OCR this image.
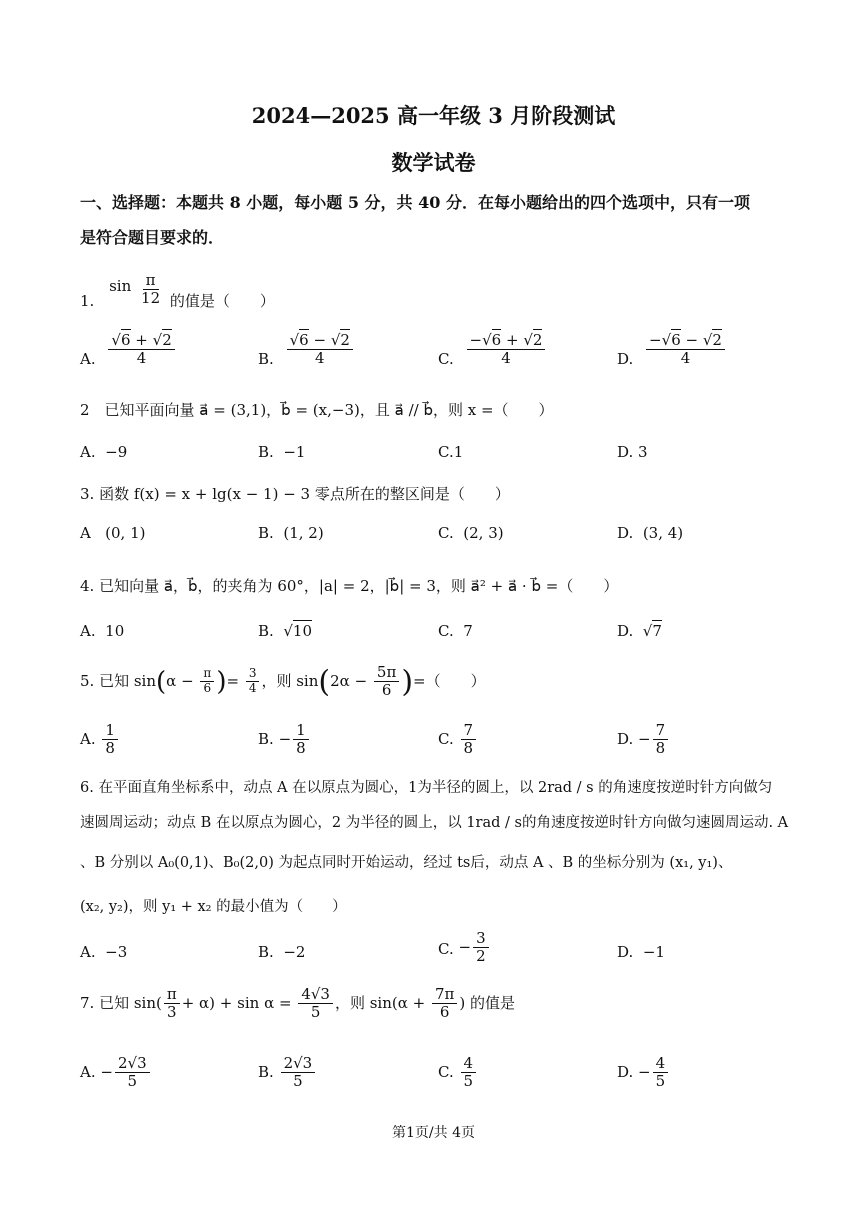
2024—2025 高一年级 3 月阶段测试
数学试卷
一、选择题：本题共 8 小题，每小题 5 分，共 40 分．在每小题给出的四个选项中，只有一项
是符合题目要求的．
1. $\sin \frac{\pi}{12}$ 的值是（　　）
A. $\frac{√6 + √2}{4}$	B. $\frac{√6 - √2}{4}$	C. $\frac{-√6 + √2}{4}$	D. $\frac{-√6 - √2}{4}$
2　已知平面向量 a⃗ = (3,1)，b⃗ = (x,−3)，且 a⃗ // b⃗，则 x =（　　）
A. −9	B. −1	C.1	D. 3
3. 函数 f(x) = x + lg(x − 1) − 3 零点所在的整区间是（　　）
A (0, 1)	B. (1, 2)	C. (2, 3)	D. (3, 4)
4. 已知向量 a⃗，b⃗，的夹角为 60°，|a| = 2，|b⃗| = 3，则 a⃗² + a⃗ · b⃗ =（　　）
A. 10	B.  √10	C. 7	D.  √7
5. 已知 $\sin(\alpha - \frac{\pi}{6}$ )= $\frac{3}{4}$ ，则 $\sin(2\alpha - \frac{5\pi}{6}$ )=（　　）
A. $\frac{1}{8}$	B. − $\frac{1}{8}$	C. $\frac{7}{8}$	D. − $\frac{7}{8}$
6. 在平面直角坐标系中，动点 A 在以原点为圆心，1为半径的圆上，以 2rad / s 的角速度按逆时针方向做匀
速圆周运动；动点 B 在以原点为圆心，2 为半径的圆上，以 1rad / s的角速度按逆时针方向做匀速圆周运动. A
、B 分别以 A₀(0,1)、B₀(2,0) 为起点同时开始运动，经过 ts后，动点 A 、B 的坐标分别为 (x₁, y₁)、
(x₂, y₂)，则 y₁ + x₂ 的最小值为（　　）
A. −3	B. −2	C. − $\frac{3}{2}$	D. −1
7. 已知 $\sin( \frac{\pi}{3} + \alpha) + \sin \alpha = \frac{4√3}{5}$ ，则 $\sin(\alpha + \frac{7\pi}{6}$ ) 的值是
A. − $\frac{2√3}{5}$	B. $\frac{2√3}{5}$	C. $\frac{4}{5}$	D. − $\frac{4}{5}$
第1页/共 4页
